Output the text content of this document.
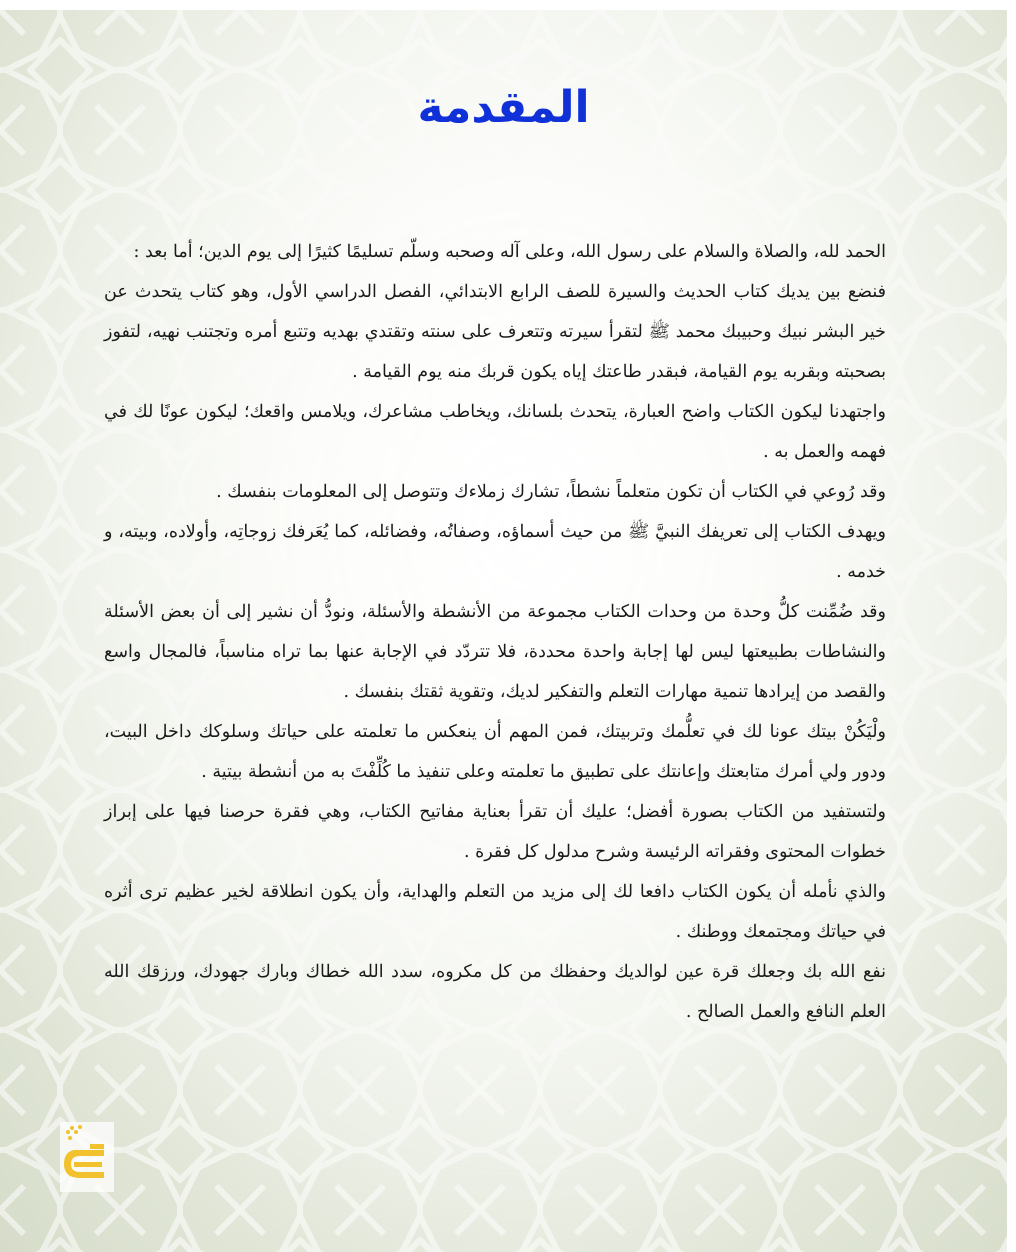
المقدمة

الحمد لله، والصلاة والسلام على رسول الله، وعلى آله وصحبه وسلّم تسليمًا كثيرًا إلى يوم الدين؛ أما بعد :

فنضع بين يديك كتاب الحديث والسيرة للصف الرابع الابتدائي، الفصل الدراسي الأول، وهو كتاب يتحدث عن خير البشر نبيك وحبيبك محمد ﷺ لتقرأ سيرته وتتعرف على سنته وتقتدي بهديه وتتبع أمره وتجتنب نهيه، لتفوز بصحبته وبقربه يوم القيامة، فبقدر طاعتك إياه يكون قربك منه يوم القيامة .

واجتهدنا ليكون الكتاب واضح العبارة، يتحدث بلسانك، ويخاطب مشاعرك، ويلامس واقعك؛ ليكون عونًا لك في فهمه والعمل به .

وقد رُوعي في الكتاب أن تكون متعلماً نشطاً، تشارك زملاءك وتتوصل إلى المعلومات بنفسك .

ويهدف الكتاب إلى تعريفك النبيَّ ﷺ من حيث أسماؤه، وصفاتُه، وفضائله، كما يُعَرفك زوجاتِه، وأولاده، وبيته، و خدمه .

وقد ضُمِّنت كلُّ وحدة من وحدات الكتاب مجموعة من الأنشطة والأسئلة، ونودُّ أن نشير إلى أن بعض الأسئلة والنشاطات بطبيعتها ليس لها إجابة واحدة محددة، فلا تتردّد في الإجابة عنها بما تراه مناسباً، فالمجال واسع والقصد من إيرادها تنمية مهارات التعلم والتفكير لديك، وتقوية ثقتك بنفسك .

ولْيَكُنْ بيتك عونا لك في تعلُّمك وتربيتك، فمن المهم أن ينعكس ما تعلمته على حياتك وسلوكك داخل البيت، ودور ولي أمرك متابعتك وإعانتك على تطبيق ما تعلمته وعلى تنفيذ ما كُلِّفْتَ به من أنشطة بيتية .

ولتستفيد من الكتاب بصورة أفضل؛ عليك أن تقرأ بعناية مفاتيح الكتاب، وهي فقرة حرصنا فيها على إبراز خطوات المحتوى وفقراته الرئيسة وشرح مدلول كل فقرة .

والذي نأمله أن يكون الكتاب دافعا لك إلى مزيد من التعلم والهداية، وأن يكون انطلاقة لخير عظيم ترى أثره في حياتك ومجتمعك ووطنك .

نفع الله بك وجعلك قرة عين لوالديك وحفظك من كل مكروه، سدد الله خطاك وبارك جهودك، ورزقك الله العلم النافع والعمل الصالح .
